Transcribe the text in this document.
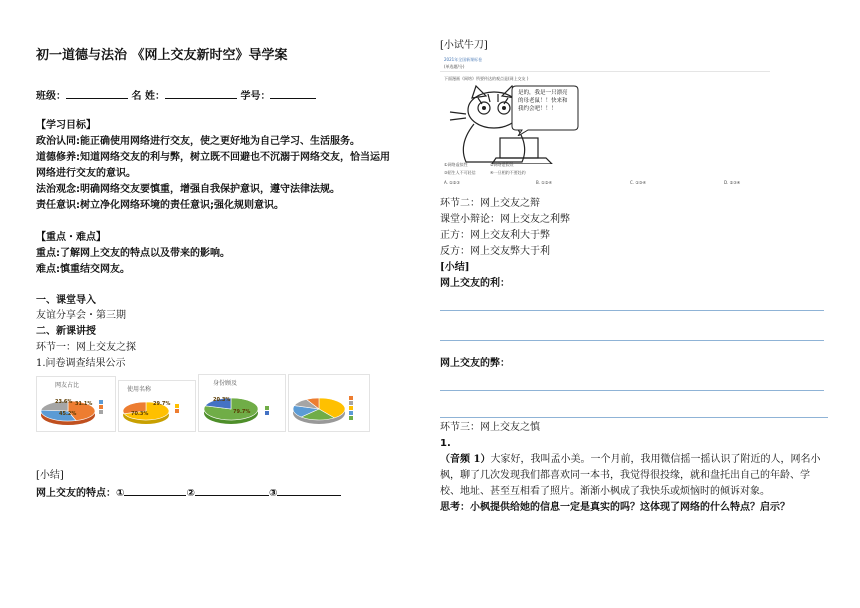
初一道德与法治 《网上交友新时空》导学案
班级：	名 姓：	学号：
【学习目标】
政治认同:能正确使用网络进行交友，使之更好地为自己学习、生活服务。
道德修养:知道网络交友的利与弊，树立既不回避也不沉溺于网络交友，恰当运用
网络进行交友的意识。
法治观念:明确网络交友要慎重，增强自我保护意识，遵守法律法规。
责任意识:树立净化网络环境的责任意识;强化规则意识。
【重点・难点】
重点:了解网上交友的特点以及带来的影响。
难点:慎重结交网友。
一、课堂导入
友谊分享会・第三期
二、新课讲授
环节一：网上交友之探
1.问卷调查结果公示
网友占比
45.2%
31.1%
23.6%

使用名称
70.3%
29.7%

身份顾及
79.7%
20.3%

[小结]
网上交友的特点：①	②	③
[小试牛刀]
2021年全国新课标卷
(单选题/分)
下面漫画《网络》所要传达的观点是(网上交友 )
是的，我是一只漂亮的母老鼠！！快来和我约会吧！！！
①网络虚拟性	②网络是假设
③陌生人不可轻信	④一旦相约不要赴约
A. ①②③	B. ①②④	C. ①③④	D. ②③④
环节二：网上交友之辩
课堂小辩论：网上交友之利弊
正方：网上交友利大于弊
反方：网上交友弊大于利
[小结]
网上交友的利：
网上交友的弊：
环节三：网上交友之慎
1.
（音频 1）大家好，我叫孟小美。一个月前，我用微信摇一摇认识了附近的人，网名小
枫，聊了几次发现我们都喜欢同一本书，我觉得很投缘，就和盘托出自己的年龄、学
校、地址、甚至互相看了照片。渐渐小枫成了我快乐或烦恼时的倾诉对象。
思考：小枫提供给她的信息一定是真实的吗？这体现了网络的什么特点？启示？
